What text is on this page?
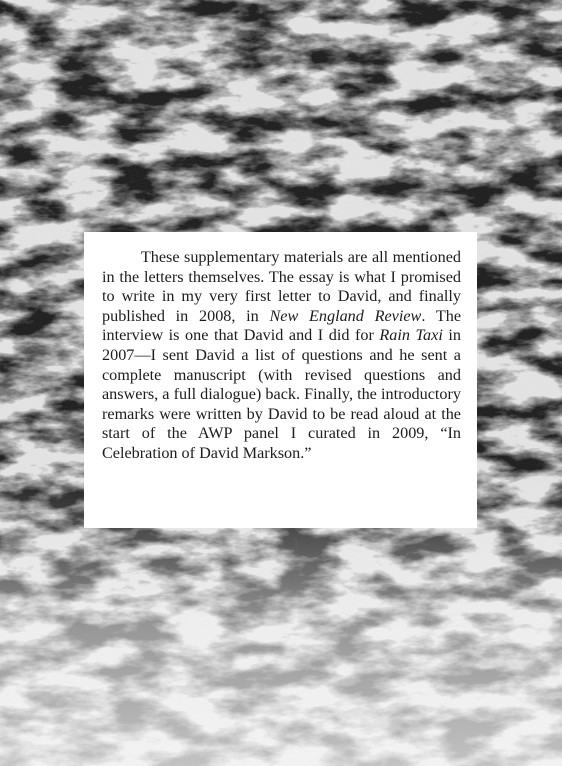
These supplementary materials are all mentioned in the letters themselves. The essay is what I promised to write in my very first letter to David, and finally published in 2008, in New England Review. The interview is one that David and I did for Rain Taxi in 2007—I sent David a list of questions and he sent a complete manuscript (with revised questions and answers, a full dialogue) back. Finally, the introductory remarks were written by David to be read aloud at the start of the AWP panel I curated in 2009, “In Celebration of David Markson.”
